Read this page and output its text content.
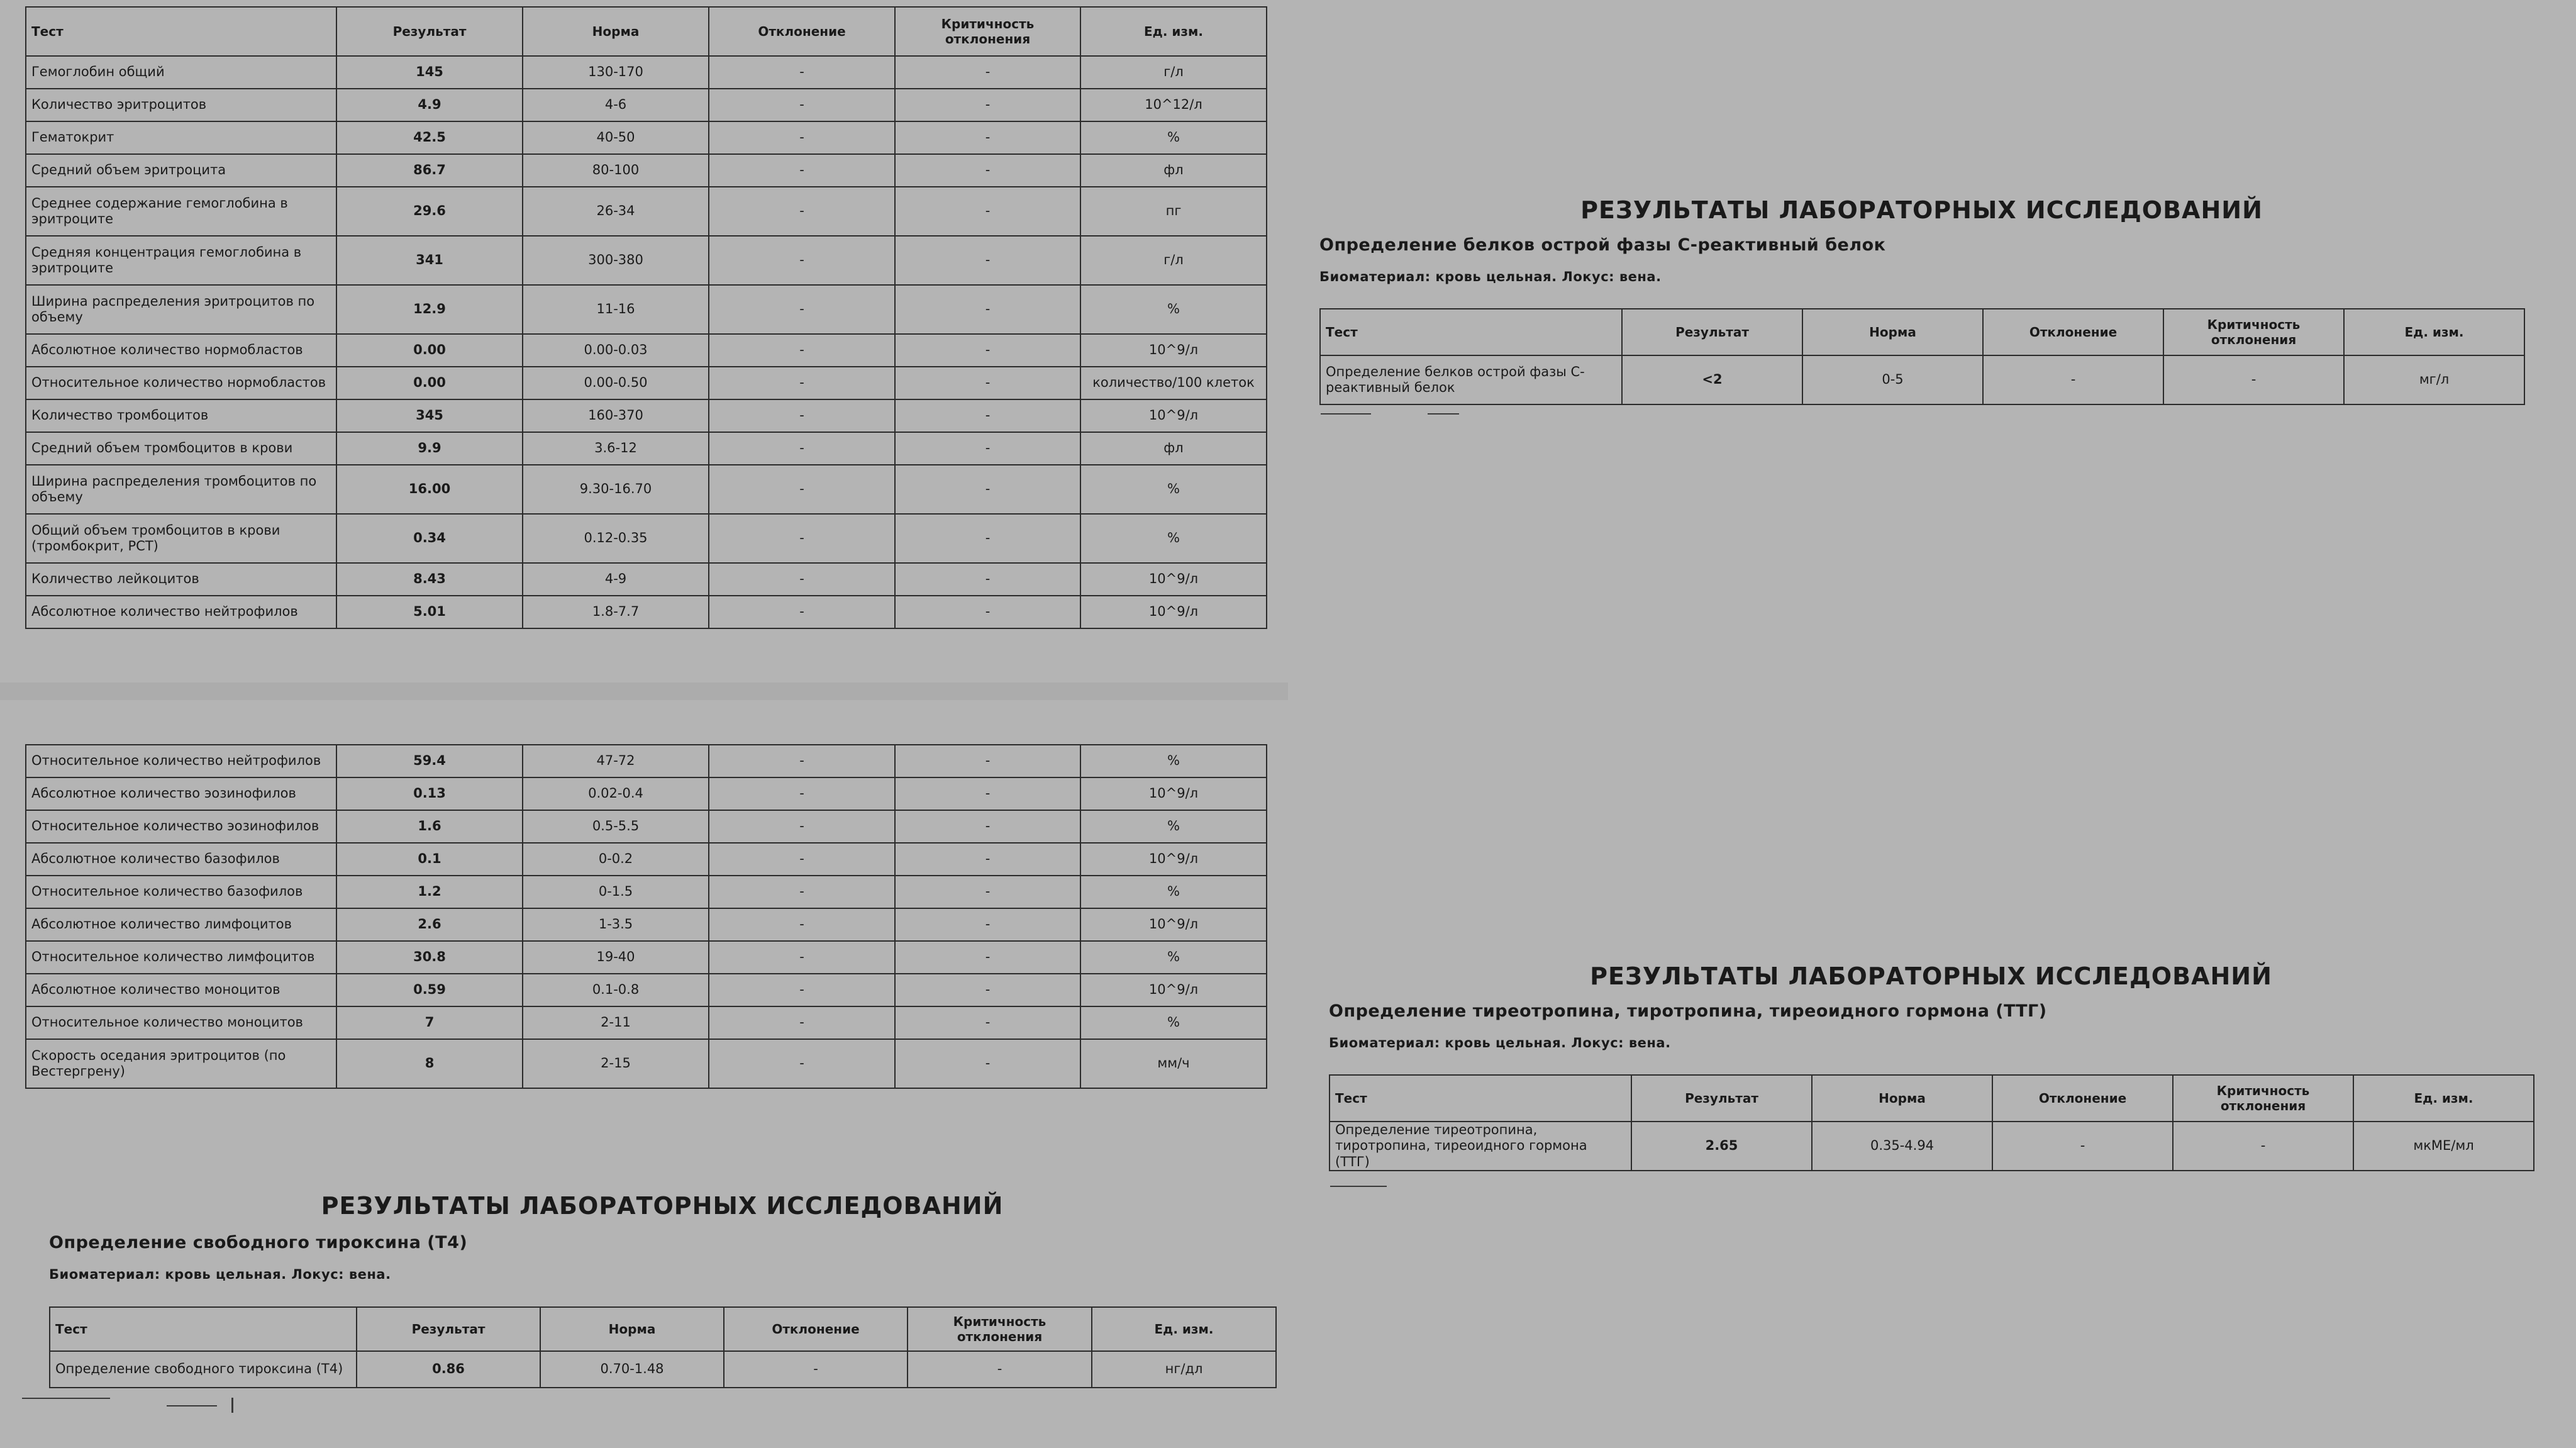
Тест	Результат	Норма	Отклонение	Критичность отклонения	Ед. изм.
Гемоглобин общий	145	130-170	-	-	г/л
Количество эритроцитов	4.9	4-6	-	-	10^12/л
Гематокрит	42.5	40-50	-	-	%
Средний объем эритроцита	86.7	80-100	-	-	фл
Среднее содержание гемоглобина в эритроците	29.6	26-34	-	-	пг
Средняя концентрация гемоглобина в эритроците	341	300-380	-	-	г/л
Ширина распределения эритроцитов по объему	12.9	11-16	-	-	%
Абсолютное количество нормобластов	0.00	0.00-0.03	-	-	10^9/л
Относительное количество нормобластов	0.00	0.00-0.50	-	-	количество/100 клеток
Количество тромбоцитов	345	160-370	-	-	10^9/л
Средний объем тромбоцитов в крови	9.9	3.6-12	-	-	фл
Ширина распределения тромбоцитов по объему	16.00	9.30-16.70	-	-	%
Общий объем тромбоцитов в крови (тромбокрит, PCT)	0.34	0.12-0.35	-	-	%
Количество лейкоцитов	8.43	4-9	-	-	10^9/л
Абсолютное количество нейтрофилов	5.01	1.8-7.7	-	-	10^9/л
Относительное количество нейтрофилов	59.4	47-72	-	-	%
Абсолютное количество эозинофилов	0.13	0.02-0.4	-	-	10^9/л
Относительное количество эозинофилов	1.6	0.5-5.5	-	-	%
Абсолютное количество базофилов	0.1	0-0.2	-	-	10^9/л
Относительное количество базофилов	1.2	0-1.5	-	-	%
Абсолютное количество лимфоцитов	2.6	1-3.5	-	-	10^9/л
Относительное количество лимфоцитов	30.8	19-40	-	-	%
Абсолютное количество моноцитов	0.59	0.1-0.8	-	-	10^9/л
Относительное количество моноцитов	7	2-11	-	-	%
Скорость оседания эритроцитов (по Вестергрену)	8	2-15	-	-	мм/ч
РЕЗУЛЬТАТЫ ЛАБОРАТОРНЫХ ИССЛЕДОВАНИЙ
Определение белков острой фазы С-реактивный белок
Биоматериал: кровь цельная. Локус: вена.
Тест	Результат	Норма	Отклонение	Критичность отклонения	Ед. изм.
Определение белков острой фазы С-реактивный белок	<2	0-5	-	-	мг/л
РЕЗУЛЬТАТЫ ЛАБОРАТОРНЫХ ИССЛЕДОВАНИЙ
Определение тиреотропина, тиротропина, тиреоидного гормона (ТТГ)
Биоматериал: кровь цельная. Локус: вена.
Тест	Результат	Норма	Отклонение	Критичность отклонения	Ед. изм.
Определение тиреотропина, тиротропина, тиреоидного гормона (ТТГ)	2.65	0.35-4.94	-	-	мкМЕ/мл
РЕЗУЛЬТАТЫ ЛАБОРАТОРНЫХ ИССЛЕДОВАНИЙ
Определение свободного тироксина (Т4)
Биоматериал: кровь цельная. Локус: вена.
Тест	Результат	Норма	Отклонение	Критичность отклонения	Ед. изм.
Определение свободного тироксина (Т4)	0.86	0.70-1.48	-	-	нг/дл
